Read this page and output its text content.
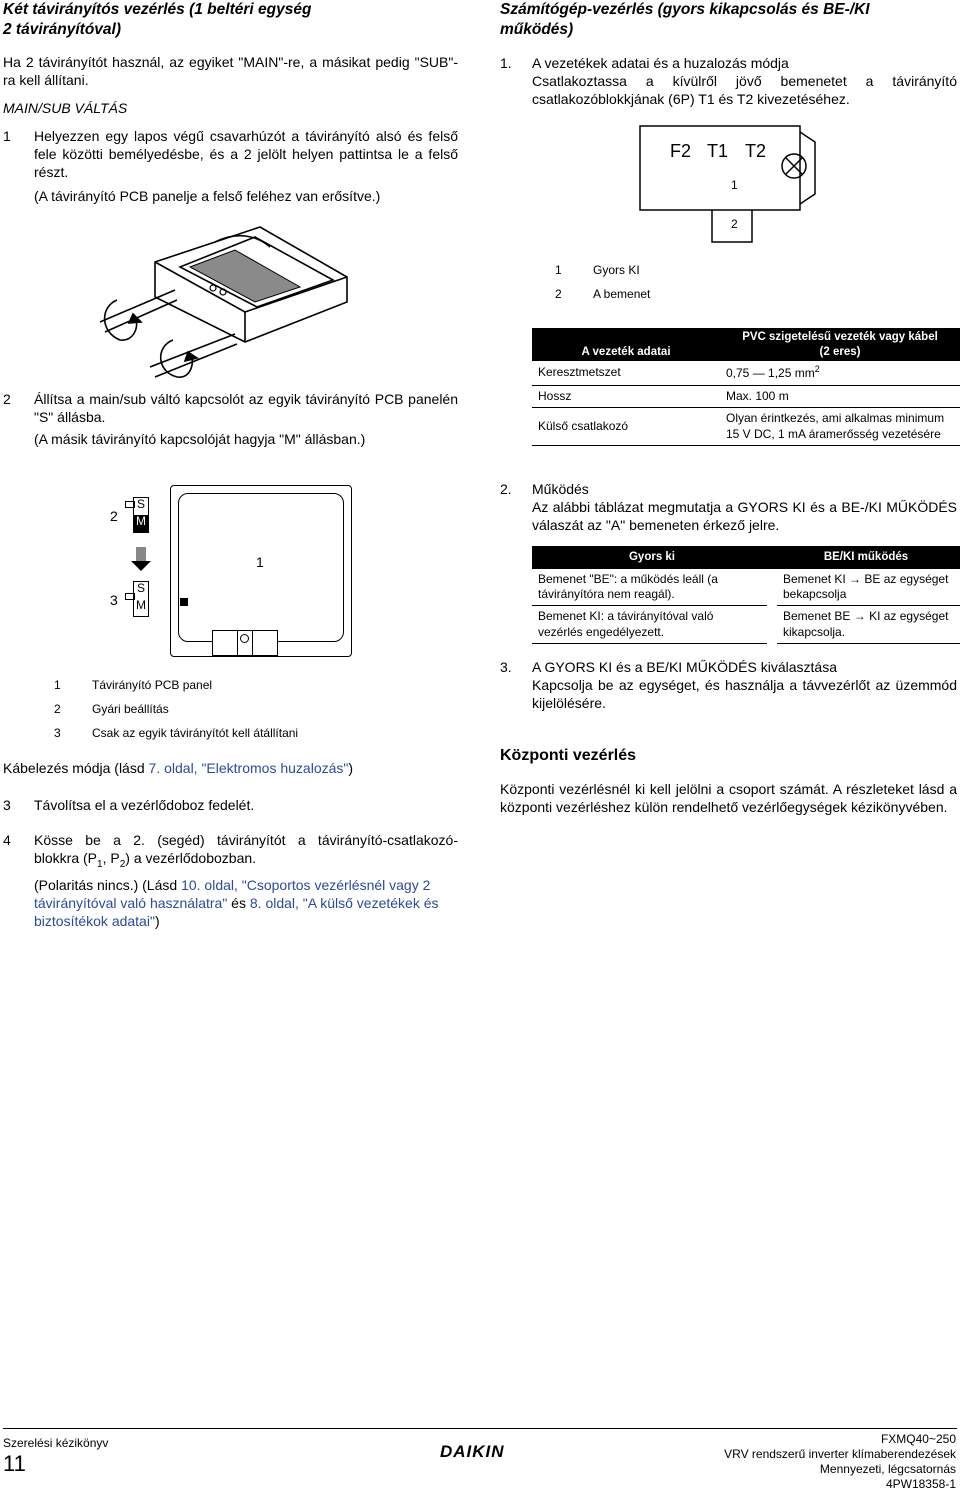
Két távirányítós vezérlés (1 beltéri egység
2 távirányítóval)
Ha 2 távirányítót használ, az egyiket "MAIN"-re, a másikat pedig "SUB"-ra kell állítani.
MAIN/SUB VÁLTÁS
1 Helyezzen egy lapos végű csavarhúzót a távirányító alsó és felső fele közötti bemélyedésbe, és a 2 jelölt helyen pattintsa le a felső részt.
(A távirányító PCB panelje a felső feléhez van erősítve.)
2 Állítsa a main/sub váltó kapcsolót az egyik távirányító PCB panelén "S" állásba.
(A másik távirányító kapcsolóját hagyja "M" állásban.)
2
3
1
S
M
S
M
1	Távirányító PCB panel
2	Gyári beállítás
3	Csak az egyik távirányítót kell átállítani
Kábelezés módja (lásd 7. oldal, "Elektromos huzalozás")
3 Távolítsa el a vezérlődoboz fedelét.
4 Kösse be a 2. (segéd) távirányítót a távirányító-csatlakozó-
blokkra ($P_1$, $P_2$) a vezérlődobozban.
(Polaritás nincs.) (Lásd 10. oldal, "Csoportos vezérlésnél vagy 2 távirányítóval való használatra" és 8. oldal, "A külső vezetékek és biztosítékok adatai")
Számítógép-vezérlés (gyors kikapcsolás és BE-/KI
működés)
1. A vezetékek adatai és a huzalozás módja
Csatlakoztassa a kívülről jövő bemenetet a távirányító csatlakozóblokkjának (6P) T1 és T2 kivezetéséhez.
F2 T1 T2
1
2
1	Gyors KI
2	A bemenet
A vezeték adatai	PVC szigetelésű vezeték vagy kábel
(2 eres)

Keresztmetszet	0,75 — 1,25 $mm^2$
Hossz	Max. 100 m
Külső csatlakozó	Olyan érintkezés, ami alkalmas minimum 15 V DC, 1 mA áramerősség vezetésére
2. Működés
Az alábbi táblázat megmutatja a GYORS KI és a BE-/KI MŰKÖDÉS válaszát az "A" bemeneten érkező jelre.
Gyors ki	BE/KI működés
Bemenet "BE": a működés leáll (a távirányítóra nem reagál).	Bemenet KI → BE az egységet bekapcsolja
Bemenet KI: a távirányítóval való vezérlés engedélyezett.	Bemenet BE → KI az egységet kikapcsolja.
3. A GYORS KI és a BE/KI MŰKÖDÉS kiválasztása
Kapcsolja be az egységet, és használja a távvezérlőt az üzemmód kijelölésére.
Központi vezérlés
Központi vezérlésnél ki kell jelölni a csoport számát. A részleteket lásd a központi vezérléshez külön rendelhető vezérlőegységek kézikönyvében.
Szerelési kézikönyv
11	DAIKIN
FXMQ40~250
VRV rendszerű inverter klímaberendezések
Mennyezeti, légcsatornás
4PW18358-1
